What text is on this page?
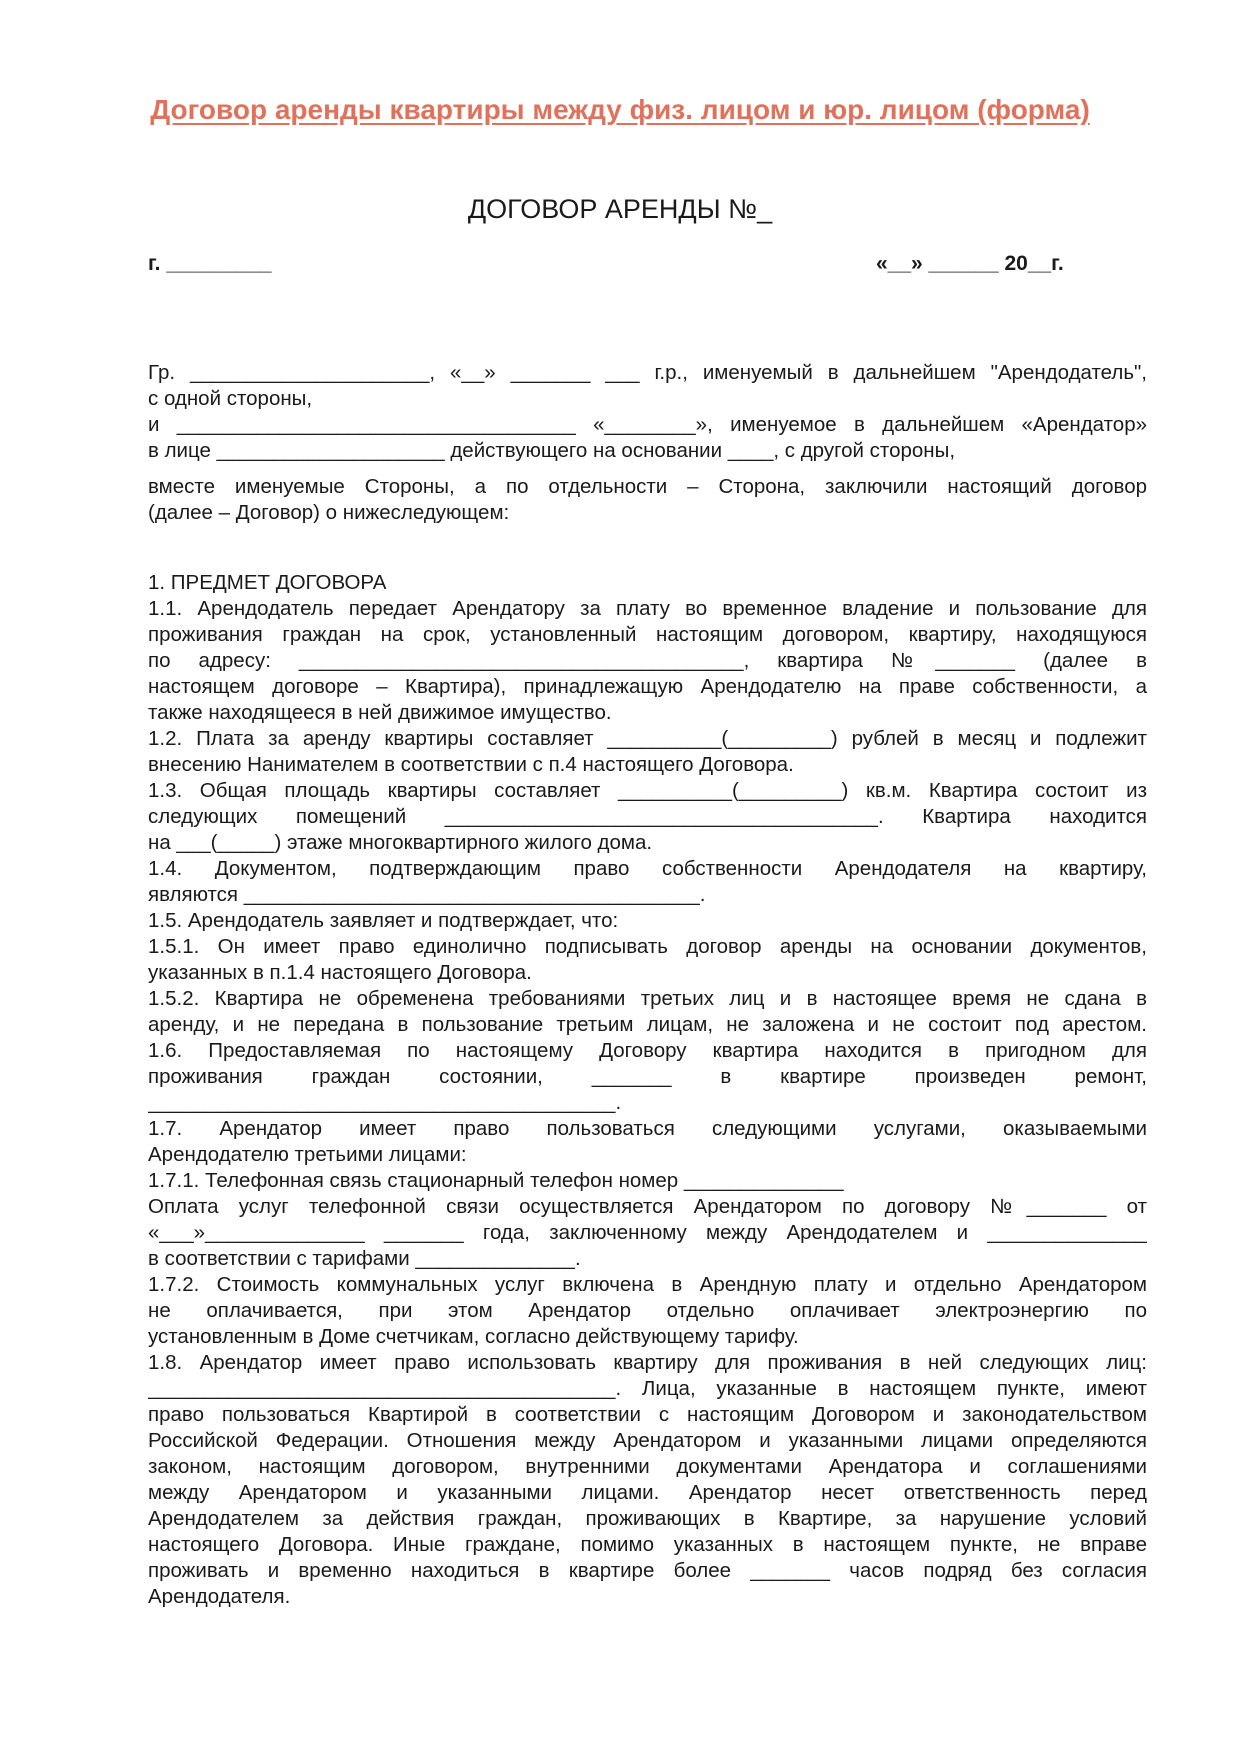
Договор аренды квартиры между физ. лицом и юр. лицом (форма)
ДОГОВОР АРЕНДЫ №_
г. _________	«__» ______ 20__г.
Гр. _____________________, «__» _______ ___ г.р., именуемый в дальнейшем "Арендодатель",
с одной стороны,
и ___________________________________ «________», именуемое в дальнейшем «Арендатор»
в лице ____________________ действующего на основании ____, с другой стороны,
вместе именуемые Стороны, а по отдельности – Сторона, заключили настоящий договор
(далее – Договор) о нижеследующем:
1. ПРЕДМЕТ ДОГОВОРА
1.1. Арендодатель передает Арендатору за плату во временное владение и пользование для
проживания граждан на срок, установленный настоящим договором, квартиру, находящуюся
по адресу: _______________________________________, квартира №_______ (далее в
настоящем договоре – Квартира), принадлежащую Арендодателю на праве собственности, а
также находящееся в ней движимое имущество.
1.2. Плата за аренду квартиры составляет __________(_________) рублей в месяц и подлежит
внесению Нанимателем в соответствии с п.4 настоящего Договора.
1.3. Общая площадь квартиры составляет __________(_________) кв.м. Квартира состоит из
следующих помещений ______________________________________. Квартира находится
на ___(_____) этаже многоквартирного жилого дома.
1.4. Документом, подтверждающим право собственности Арендодателя на квартиру,
являются ________________________________________.
1.5. Арендодатель заявляет и подтверждает, что:
1.5.1. Он имеет право единолично подписывать договор аренды на основании документов,
указанных в п.1.4 настоящего Договора.
1.5.2. Квартира не обременена требованиями третьих лиц и в настоящее время не сдана в
аренду, и не передана в пользование третьим лицам, не заложена и не состоит под арестом.
1.6. Предоставляемая по настоящему Договору квартира находится в пригодном для
проживания граждан состоянии, _______ в квартире произведен ремонт,
_________________________________________.
1.7. Арендатор имеет право пользоваться следующими услугами, оказываемыми
Арендодателю третьими лицами:
1.7.1. Телефонная связь стационарный телефон номер ______________
Оплата услуг телефонной связи осуществляется Арендатором по договору №_______ от
«___»______________ _______ года, заключенному между Арендодателем и ______________
в соответствии с тарифами ______________.
1.7.2. Стоимость коммунальных услуг включена в Арендную плату и отдельно Арендатором
не оплачивается, при этом Арендатор отдельно оплачивает электроэнергию по
установленным в Доме счетчикам, согласно действующему тарифу.
1.8. Арендатор имеет право использовать квартиру для проживания в ней следующих лиц:
_________________________________________. Лица, указанные в настоящем пункте, имеют
право пользоваться Квартирой в соответствии с настоящим Договором и законодательством
Российской Федерации. Отношения между Арендатором и указанными лицами определяются
законом, настоящим договором, внутренними документами Арендатора и соглашениями
между Арендатором и указанными лицами. Арендатор несет ответственность перед
Арендодателем за действия граждан, проживающих в Квартире, за нарушение условий
настоящего Договора. Иные граждане, помимо указанных в настоящем пункте, не вправе
проживать и временно находиться в квартире более _______ часов подряд без согласия
Арендодателя.
